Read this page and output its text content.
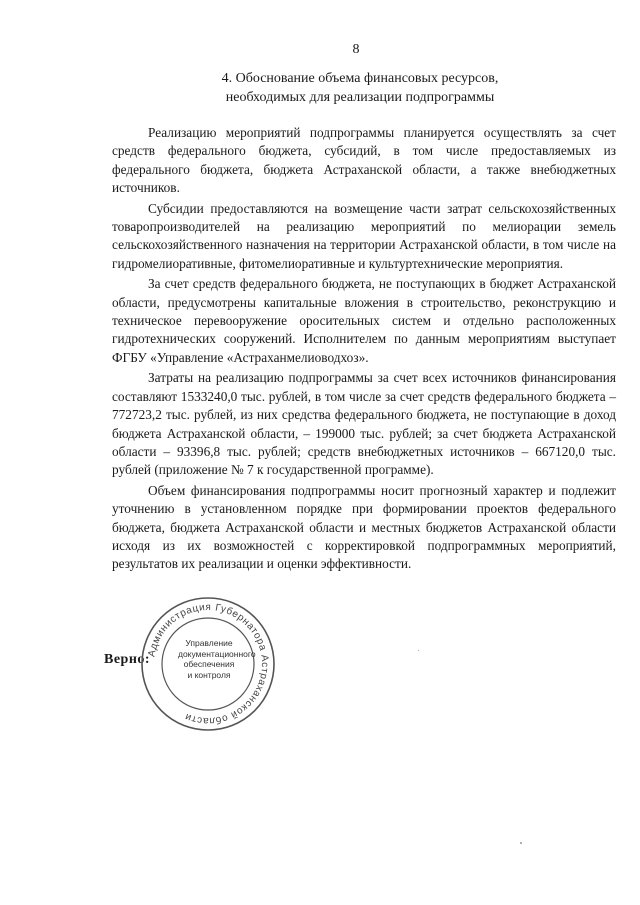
8
4. Обоснование объема финансовых ресурсов,
необходимых для реализации подпрограммы

Реализацию мероприятий подпрограммы планируется осуществлять за счет средств федерального бюджета, субсидий, в том числе предоставляемых из федерального бюджета, бюджета Астраханской области, а также внебюджетных источников.

Субсидии предоставляются на возмещение части затрат сельскохозяйственных товаропроизводителей на реализацию мероприятий по мелиорации земель сельскохозяйственного назначения на территории Астраханской области, в том числе на гидромелиоративные, фитомелиоративные и культуртехнические мероприятия.

За счет средств федерального бюджета, не поступающих в бюджет Астраханской области, предусмотрены капитальные вложения в строительство, реконструкцию и техническое перевооружение оросительных систем и отдельно расположенных гидротехнических сооружений. Исполнителем по данным мероприятиям выступает ФГБУ «Управление «Астраханмелиоводхоз».

Затраты на реализацию подпрограммы за счет всех источников финансирования составляют 1533240,0 тыс. рублей, в том числе за счет средств федерального бюджета – 772723,2 тыс. рублей, из них средства федерального бюджета, не поступающие в доход бюджета Астраханской области, – 199000 тыс. рублей; за счет бюджета Астраханской области – 93396,8 тыс. рублей; средств внебюджетных источников – 667120,0 тыс. рублей (приложение № 7 к государственной программе).

Объем финансирования подпрограммы носит прогнозный характер и подлежит уточнению в установленном порядке при формировании проектов федерального бюджета, бюджета Астраханской области и местных бюджетов Астраханской области исходя из их возможностей с корректировкой подпрограммных мероприятий, результатов их реализации и оценки эффективности.

Верно:
Администрация Губернатора Астраханской области
Управление
документационного
обеспечения
и контроля
